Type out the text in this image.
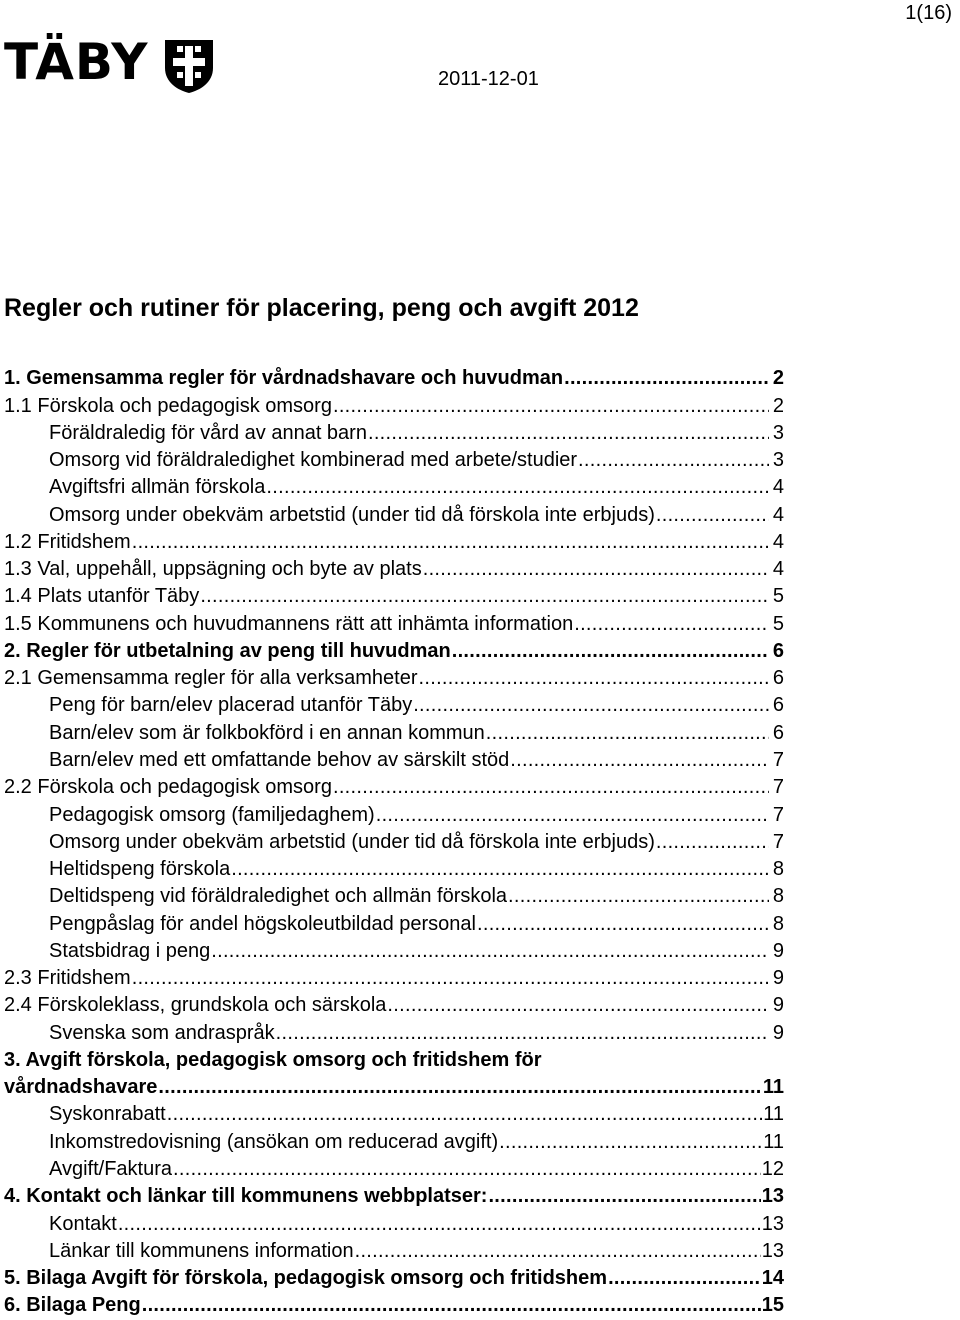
1(16)
TÄBY	2011-12-01
Regler och rutiner för placering, peng och avgift 2012
1. Gemensamma regler för vårdnadshavare och huvudman .....	2
1.1 Förskola och pedagogisk omsorg .....	2
Föräldraledig för vård av annat barn .....	3
Omsorg vid föräldraledighet kombinerad med arbete/studier .....	3
Avgiftsfri allmän förskola .....	4
Omsorg under obekväm arbetstid (under tid då förskola inte erbjuds) .....	4
1.2 Fritidshem .....	4
1.3 Val, uppehåll, uppsägning och byte av plats .....	4
1.4 Plats utanför Täby .....	5
1.5 Kommunens och huvudmannens rätt att inhämta information .....	5
2. Regler för utbetalning av peng till huvudman .....	6
2.1 Gemensamma regler för alla verksamheter .....	6
Peng för barn/elev placerad utanför Täby .....	6
Barn/elev som är folkbokförd i en annan kommun .....	6
Barn/elev med ett omfattande behov av särskilt stöd .....	7
2.2 Förskola och pedagogisk omsorg .....	7
Pedagogisk omsorg (familjedaghem) .....	7
Omsorg under obekväm arbetstid (under tid då förskola inte erbjuds) .....	7
Heltidspeng förskola .....	8
Deltidspeng vid föräldraledighet och allmän förskola .....	8
Pengpåslag för andel högskoleutbildad personal .....	8
Statsbidrag i peng .....	9
2.3 Fritidshem .....	9
2.4 Förskoleklass, grundskola och särskola .....	9
Svenska som andraspråk .....	9
3. Avgift förskola, pedagogisk omsorg och fritidshem för
vårdnadshavare .....	11
Syskonrabatt .....	11
Inkomstredovisning (ansökan om reducerad avgift) .....	11
Avgift/Faktura .....	12
4. Kontakt och länkar till kommunens webbplatser: .....	13
Kontakt .....	13
Länkar till kommunens information .....	13
5. Bilaga Avgift för förskola, pedagogisk omsorg och fritidshem .....	14
6. Bilaga Peng .....	15
